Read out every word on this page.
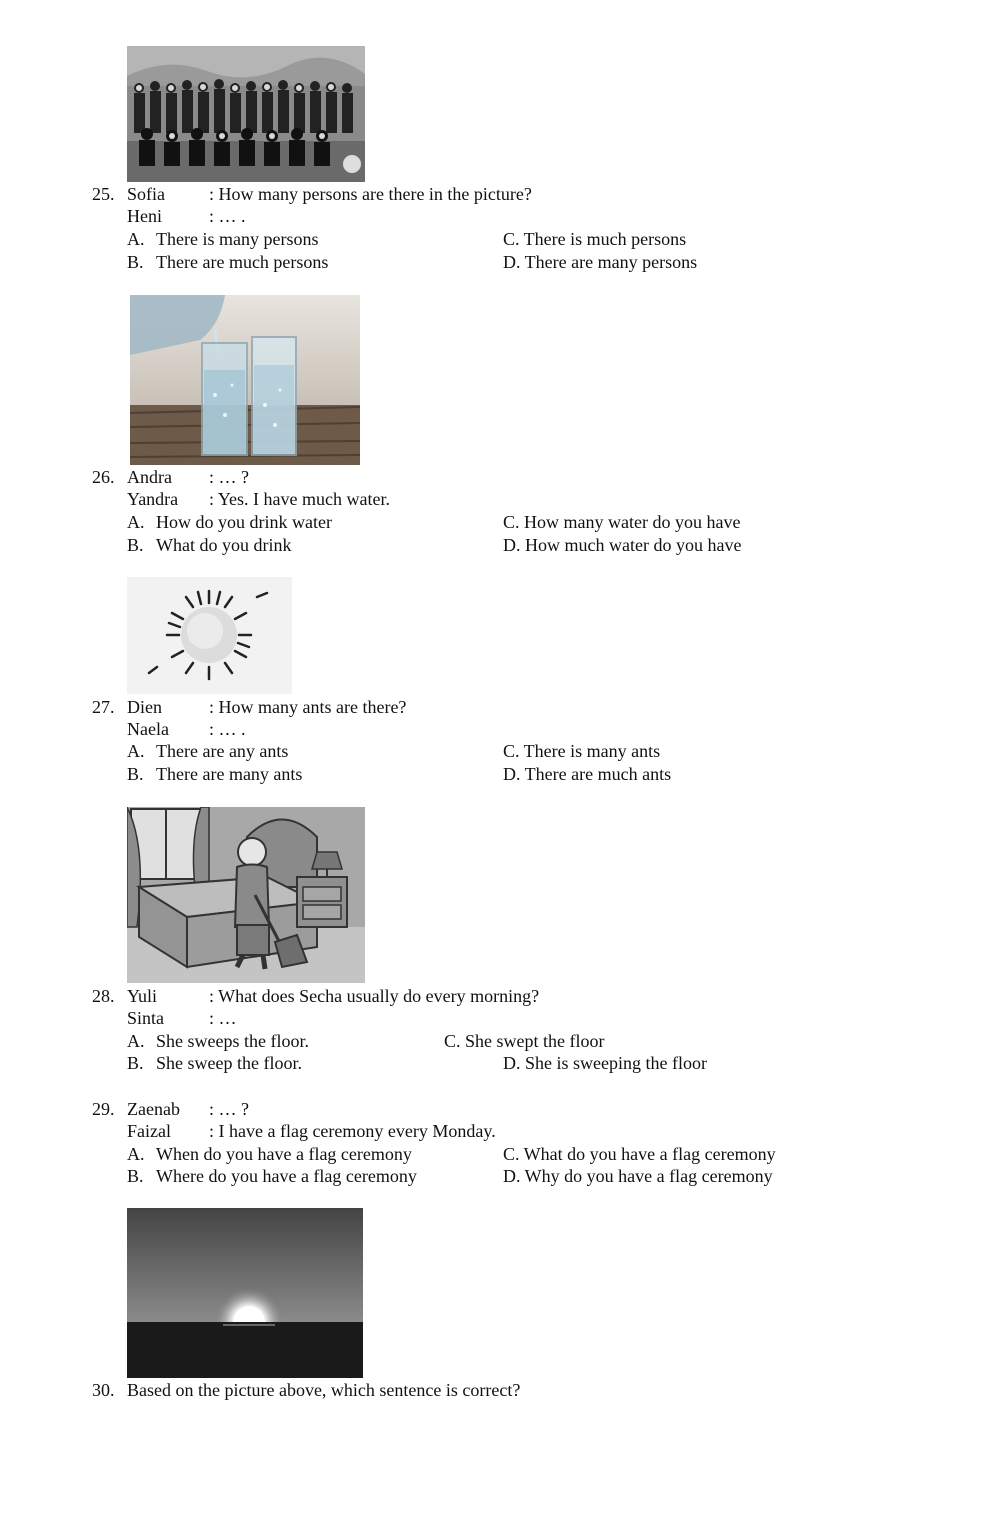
25. Sofia : How many persons are there in the picture?
Heni	: … .
A. There is many persons	C. There is much persons
B. There are much persons	D. There are many persons
26. Andra : … ?
Yandra : Yes. I have much water.
A. How do you drink water	C. How many water do you have
B. What do you drink	D. How much water do you have
27. Dien	: How many ants are there?
Naela : … .
A. There are any ants	C. There is many ants
B. There are many ants	D. There are much ants
28. Yuli	: What does Secha usually do every morning?
Sinta : …
A. She sweeps the floor.	C. She swept the floor
B. She sweep the floor.	D. She is sweeping the floor
29. Zaenab : … ?
Faizal : I have a flag ceremony every Monday.
A. When do you have a flag ceremony	C. What do you have a flag ceremony
B. Where do you have a flag ceremony	D. Why do you have a flag ceremony
30. Based on the picture above, which sentence is correct?
